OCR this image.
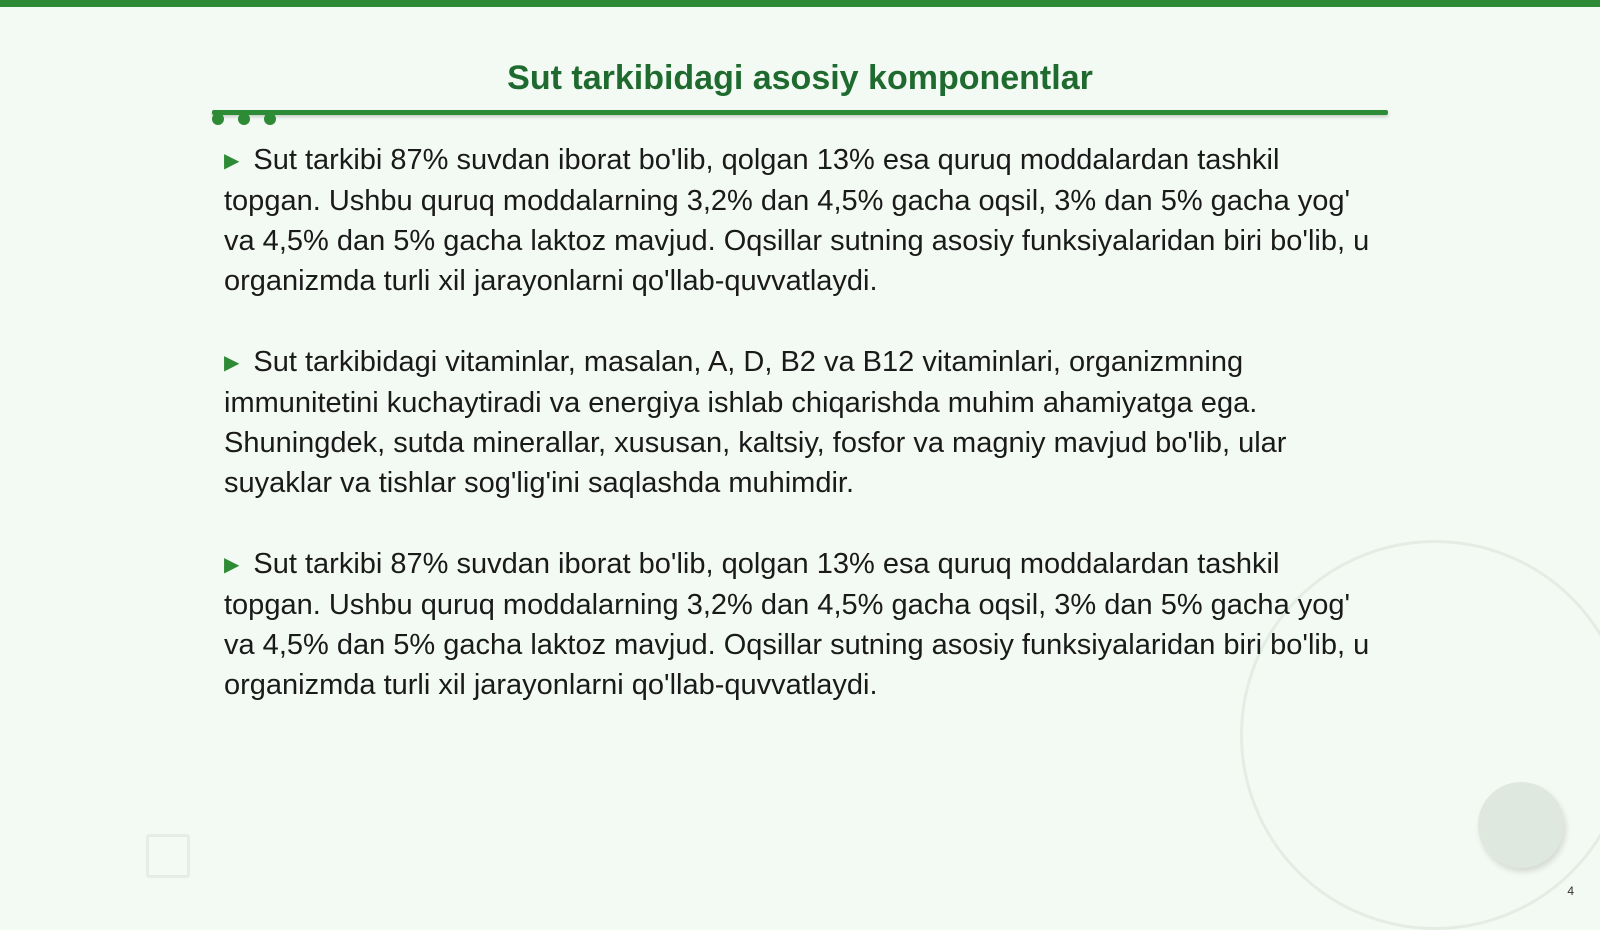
Sut tarkibidagi asosiy komponentlar

▶ Sut tarkibi 87% suvdan iborat bo'lib, qolgan 13% esa quruq moddalardan tashkil topgan. Ushbu quruq moddalarning 3,2% dan 4,5% gacha oqsil, 3% dan 5% gacha yog' va 4,5% dan 5% gacha laktoz mavjud. Oqsillar sutning asosiy funksiyalaridan biri bo'lib, u organizmda turli xil jarayonlarni qo'llab-quvvatlaydi.

▶ Sut tarkibidagi vitaminlar, masalan, A, D, B2 va B12 vitaminlari, organizmning immunitetini kuchaytiradi va energiya ishlab chiqarishda muhim ahamiyatga ega. Shuningdek, sutda minerallar, xususan, kaltsiy, fosfor va magniy mavjud bo'lib, ular suyaklar va tishlar sog'lig'ini saqlashda muhimdir.

▶ Sut tarkibi 87% suvdan iborat bo'lib, qolgan 13% esa quruq moddalardan tashkil topgan. Ushbu quruq moddalarning 3,2% dan 4,5% gacha oqsil, 3% dan 5% gacha yog' va 4,5% dan 5% gacha laktoz mavjud. Oqsillar sutning asosiy funksiyalaridan biri bo'lib, u organizmda turli xil jarayonlarni qo'llab-quvvatlaydi.

4
